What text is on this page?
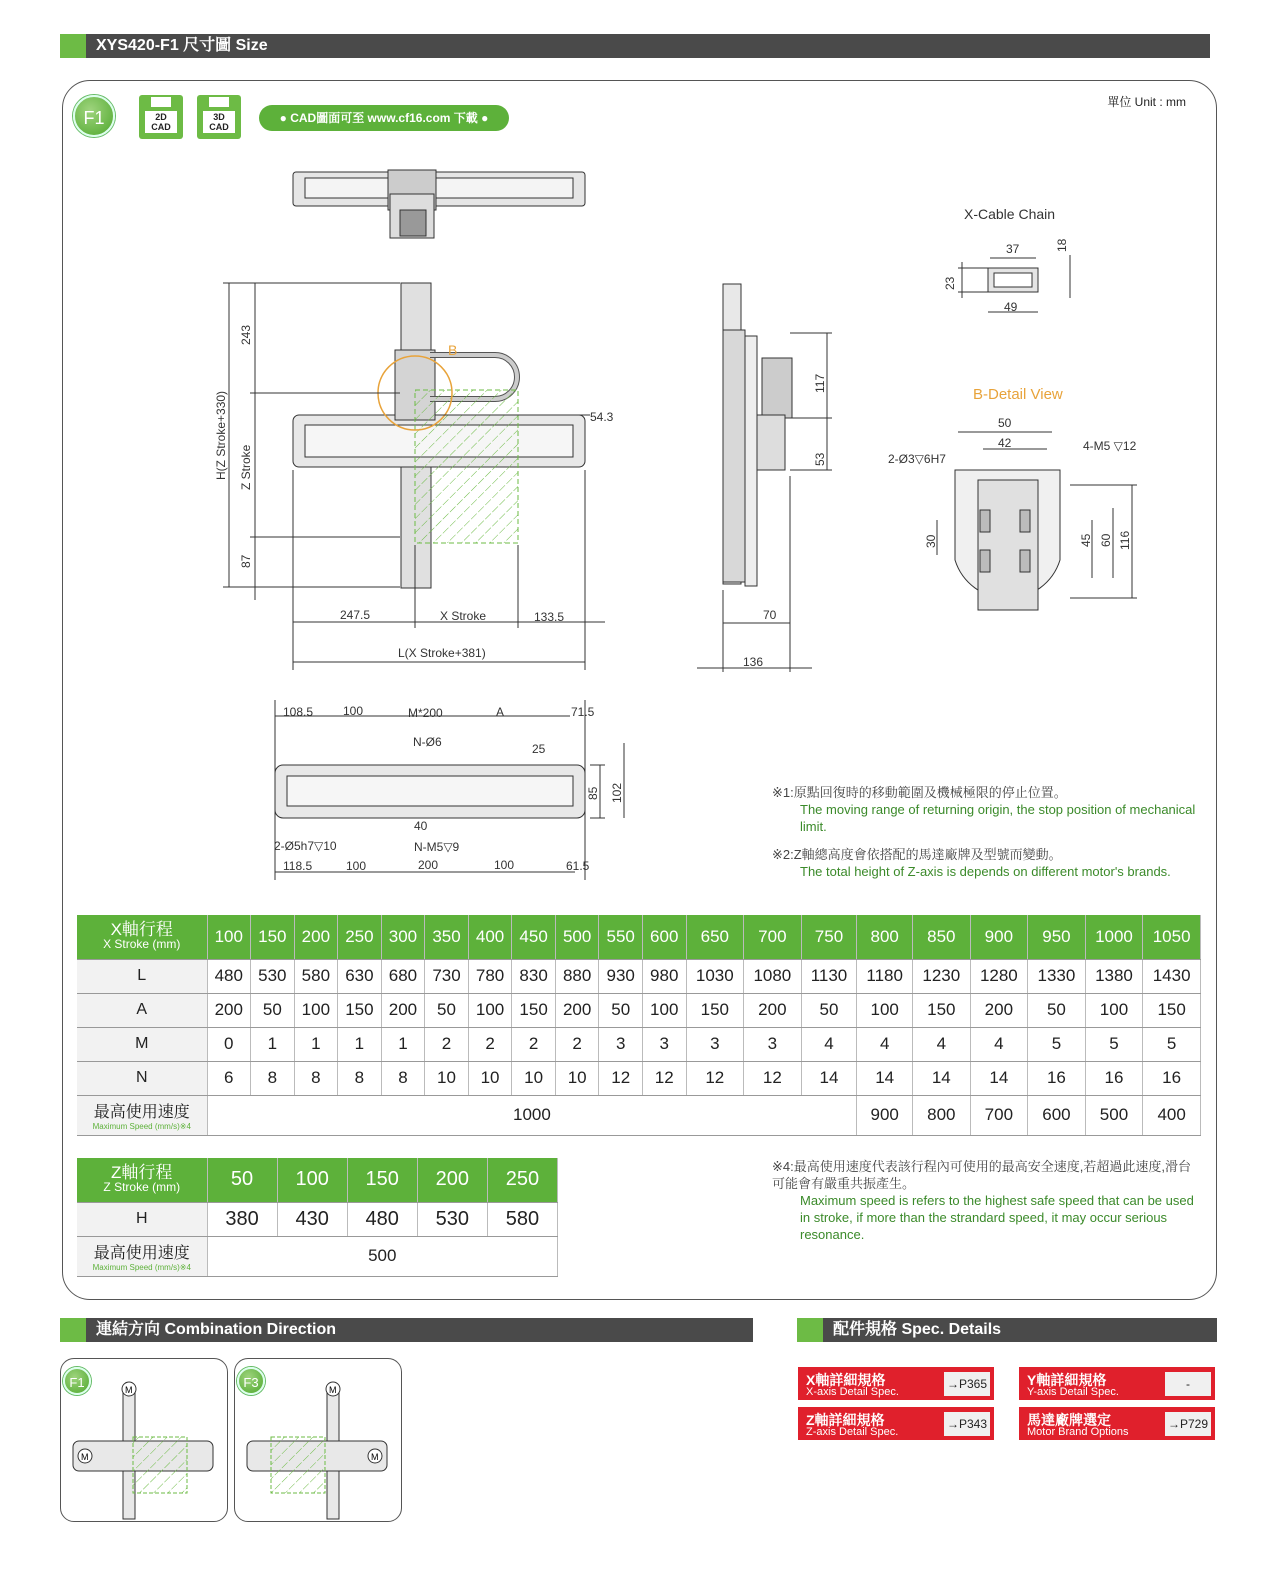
XYS420-F1 尺寸圖 Size
單位 Unit : mm
F1	2D
CAD
3D
CAD
● CAD圖面可至 www.cf16.com 下載 ●
X-Cable Chain
B-Detail View
B
37	18
23
49
243
H(Z Stroke+330) Z Stroke
87
54.3
247.5	X Stroke	133.5
L(X Stroke+381)
117
53
70
136
50
42
2-Ø3▽6H7
4-M5 ▽12
30	45 60 116
108.5 100	M*200	A	71.5
N-Ø6	25
85 102
40
2-Ø5h7▽10	N-M5▽9
118.5	100	200	100	61.5
※1:原點回復時的移動範圍及機械極限的停止位置。
The moving range of returning origin, the stop position of mechanical limit.
※2:Z軸總高度會依搭配的馬達廠牌及型號而變動。
The total height of Z-axis is depends on different motor's brands.
※4:最高使用速度代表該行程內可使用的最高安全速度,若超過此速度,滑台可能會有嚴重共振產生。
Maximum speed is refers to the highest safe speed that can be used in stroke, if more than the strandard speed, it may occur serious resonance.
X軸行程
X Stroke (mm)	100	150	200	250	300	350	400	450	500	550	600	650	700	750	800	850	900	950	1000	1050
L	480	530	580	630	680	730	780	830	880	930	980	1030	1080	1130	1180	1230	1280	1330	1380	1430
A	200	50	100	150	200	50	100	150	200	50	100	150	200	50	100	150	200	50	100	150
M	0	1	1	1	1	2	2	2	2	3	3	3	3	4	4	4	4	5	5	5
N	6	8	8	8	8	10	10	10	10	12	12	12	12	14	14	14	14	16	16	16
最高使用速度
Maximum Speed (mm/s)※4	1000														900	800	700	600	500	400
Z軸行程
Z Stroke (mm)	50	100	150	200	250
H	380	430	480	530	580
最高使用速度
Maximum Speed (mm/s)※4	500				
連結方向 Combination Direction	配件規格 Spec. Details
F1	M
M
F3	M
M
X軸詳細規格
X-axis Detail Spec.
→P365	Y軸詳細規格
Y-axis Detail Spec.
-
Z軸詳細規格
Z-axis Detail Spec.
→P343	馬達廠牌選定
Motor Brand Options
→P729
